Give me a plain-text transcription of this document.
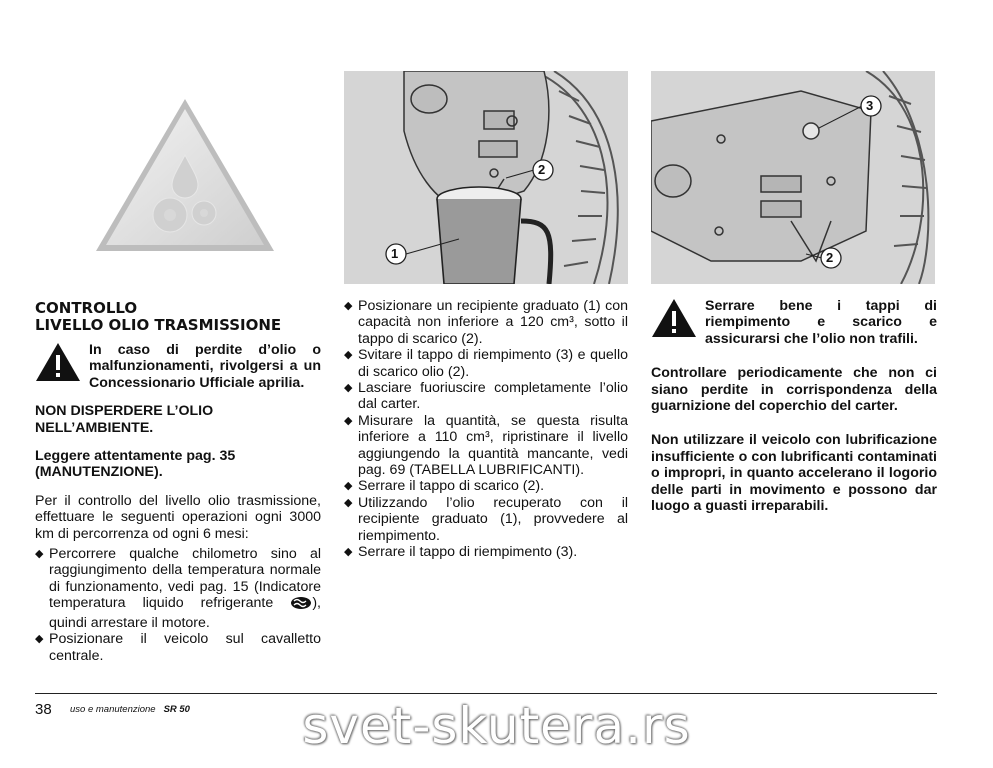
1
2
3
2
CONTROLLO
LIVELLO OLIO TRASMISSIONE
In caso di perdite d’olio o malfunzionamenti, rivolgersi a un Concessionario Ufficiale aprilia.
NON DISPERDERE L’OLIO NELL’AMBIENTE.
Leggere attentamente pag. 35 (MANUTENZIONE).
Per il controllo del livello olio trasmissione, effettuare le seguenti operazioni ogni 3000 km di percorrenza od ogni 6 mesi:
◆ Percorrere qualche chilometro sino al raggiungimento della temperatura normale di funzionamento, vedi pag. 15 (Indicatore temperatura liquido refrigerante	), quindi arrestare il motore.
◆ Posizionare il veicolo sul cavalletto centrale.
◆ Posizionare un recipiente graduato (1) con capacità non inferiore a 120 cm³, sotto il tappo di scarico (2).
◆ Svitare il tappo di riempimento (3) e quello di scarico olio (2).
◆ Lasciare fuoriuscire completamente l’olio dal carter.
◆ Misurare la quantità, se questa risulta inferiore a 110 cm³, ripristinare il livello aggiungendo la quantità mancante, vedi pag. 69 (TABELLA LUBRIFICANTI).
◆ Serrare il tappo di scarico (2).
◆ Utilizzando l’olio recuperato con il recipiente graduato (1), provvedere al riempimento.
◆ Serrare il tappo di riempimento (3).
Serrare bene i tappi di riempimento e scarico e assicurarsi che l’olio non trafili.
Controllare periodicamente che non ci siano perdite in corrispondenza della guarnizione del coperchio del carter.
Non utilizzare il veicolo con lubrificazione insufficiente o con lubrificanti contaminati o impropri, in quanto accelerano il logorio delle parti in movimento e possono dar luogo a guasti irreparabili.
38 uso e manutenzione SR 50	svet-skutera.rs
